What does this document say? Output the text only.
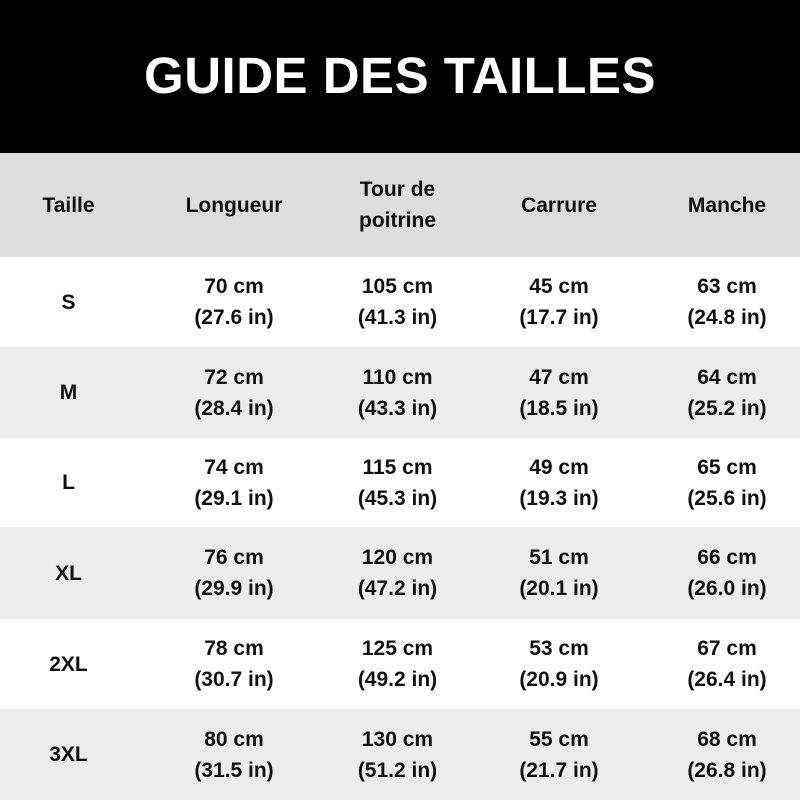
GUIDE DES TAILLES
Taille	Longueur
Tour de
poitrine
Carrure	Manche
S
70 cm
(27.6 in)
105 cm
(41.3 in)
45 cm
(17.7 in)
63 cm
(24.8 in)
M
72 cm
(28.4 in)
110 cm
(43.3 in)
47 cm
(18.5 in)
64 cm
(25.2 in)
L
74 cm
(29.1 in)
115 cm
(45.3 in)
49 cm
(19.3 in)
65 cm
(25.6 in)
XL
76 cm
(29.9 in)
120 cm
(47.2 in)
51 cm
(20.1 in)
66 cm
(26.0 in)
2XL
78 cm
(30.7 in)
125 cm
(49.2 in)
53 cm
(20.9 in)
67 cm
(26.4 in)
3XL
80 cm
(31.5 in)
130 cm
(51.2 in)
55 cm
(21.7 in)
68 cm
(26.8 in)
